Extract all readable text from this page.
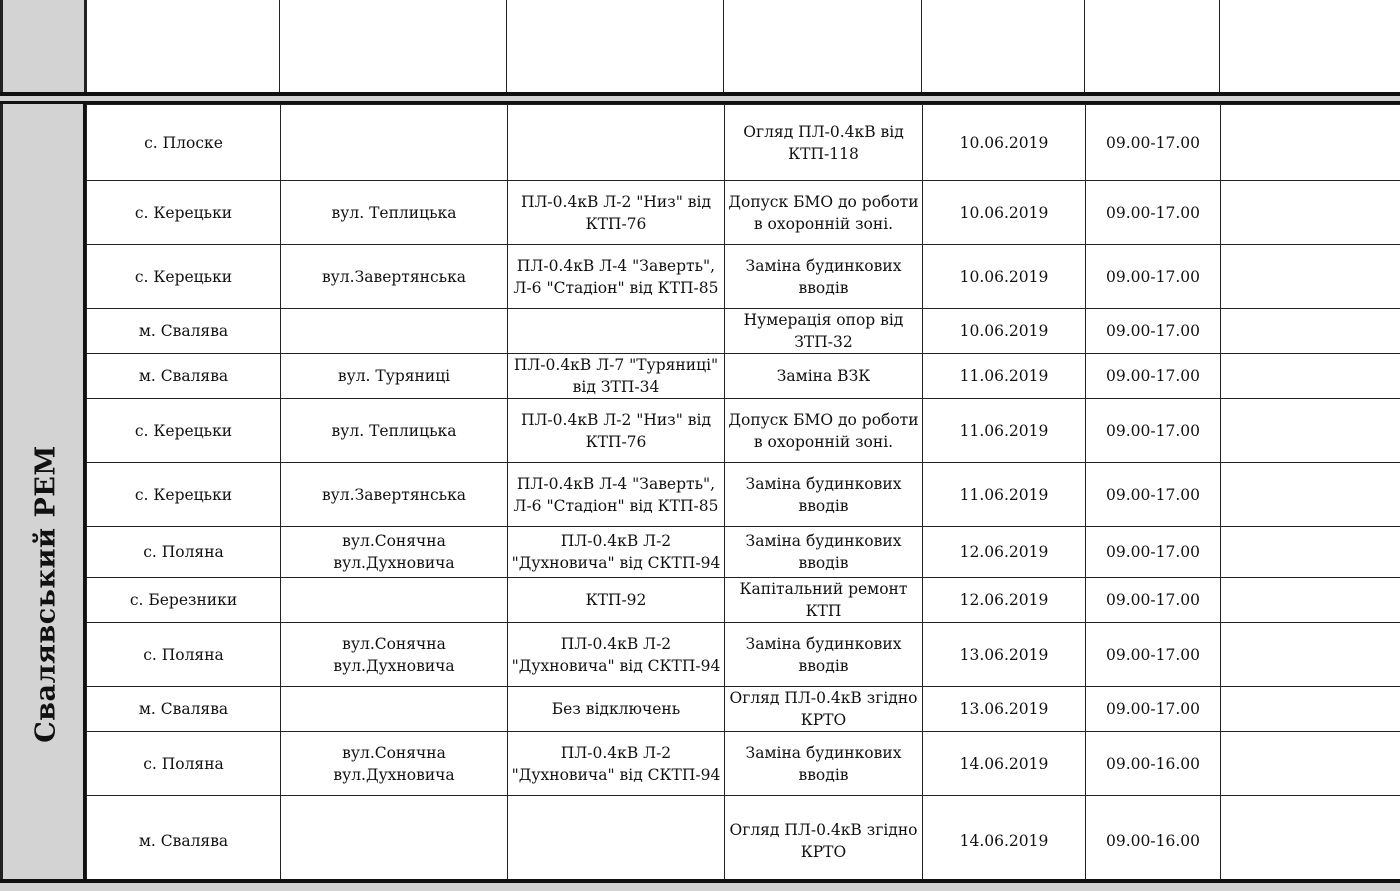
Свалявський РЕМ
с. Плоске			Огляд ПЛ-0.4кВ від КТП-118	10.06.2019	09.00-17.00	
с. Керецьки	вул. Теплицька	ПЛ-0.4кВ Л-2 "Низ" від КТП-76	Допуск БМО до роботи в охоронній зоні.	10.06.2019	09.00-17.00	
с. Керецьки	вул.Завертянська	ПЛ-0.4кВ Л-4 "Заверть", Л-6 "Стадіон" від КТП-85	Заміна будинкових вводів	10.06.2019	09.00-17.00	
м. Свалява			Нумерація опор від ЗТП-32	10.06.2019	09.00-17.00	
м. Свалява	вул. Туряниці	ПЛ-0.4кВ Л-7 "Туряниці" від ЗТП-34	Заміна ВЗК	11.06.2019	09.00-17.00	
с. Керецьки	вул. Теплицька	ПЛ-0.4кВ Л-2 "Низ" від КТП-76	Допуск БМО до роботи в охоронній зоні.	11.06.2019	09.00-17.00	
с. Керецьки	вул.Завертянська	ПЛ-0.4кВ Л-4 "Заверть", Л-6 "Стадіон" від КТП-85	Заміна будинкових вводів	11.06.2019	09.00-17.00	
с. Поляна	вул.Сонячна вул.Духновича	ПЛ-0.4кВ Л-2 "Духновича" від СКТП-94	Заміна будинкових вводів	12.06.2019	09.00-17.00	
с. Березники		КТП-92	Капітальний ремонт КТП	12.06.2019	09.00-17.00	
с. Поляна	вул.Сонячна вул.Духновича	ПЛ-0.4кВ Л-2 "Духновича" від СКТП-94	Заміна будинкових вводів	13.06.2019	09.00-17.00	
м. Свалява		Без відключень	Огляд ПЛ-0.4кВ згідно КРТО	13.06.2019	09.00-17.00	
с. Поляна	вул.Сонячна вул.Духновича	ПЛ-0.4кВ Л-2 "Духновича" від СКТП-94	Заміна будинкових вводів	14.06.2019	09.00-16.00	
м. Свалява			Огляд ПЛ-0.4кВ згідно КРТО	14.06.2019	09.00-16.00	
